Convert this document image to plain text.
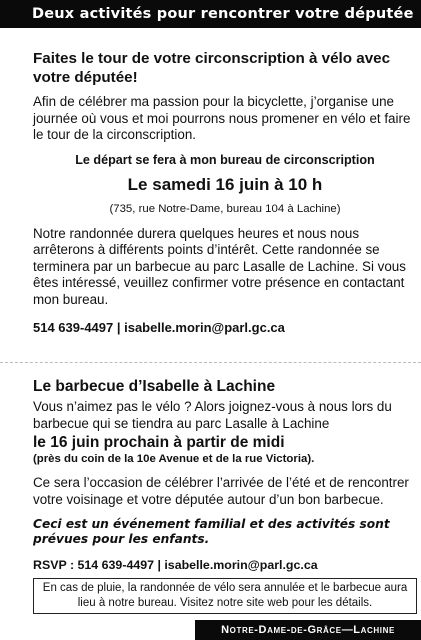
Deux activités pour rencontrer votre députée
Faites le tour de votre circonscription à vélo avec votre députée!

Afin de célébrer ma passion pour la bicyclette, j’organise une journée où vous et moi pourrons nous promener en vélo et faire le tour de la circonscription.

Le départ se fera à mon bureau de circonscription
Le samedi 16 juin à 10 h
(735, rue Notre-Dame, bureau 104 à Lachine)

Notre randonnée durera quelques heures et nous nous arrêterons à différents points d’intérêt. Cette randonnée se terminera par un barbecue au parc Lasalle de Lachine. Si vous êtes intéressé, veuillez confirmer votre présence en contactant mon bureau.

514 639-4497 | isabelle.morin@parl.gc.ca
Le barbecue d’Isabelle à Lachine

Vous n’aimez pas le vélo ? Alors joignez-vous à nous lors du barbecue qui se tiendra au parc Lasalle à Lachine

le 16 juin prochain à partir de midi
(près du coin de la 10e Avenue et de la rue Victoria).

Ce sera l’occasion de célébrer l’arrivée de l’été et de rencontrer votre voisinage et votre députée autour d’un bon barbecue.

Ceci est un événement familial et des activités sont prévues pour les enfants.
RSVP : 514 639-4497 | isabelle.morin@parl.gc.ca
En cas de pluie, la randonnée de vélo sera annulée et le barbecue aura lieu à notre bureau. Visitez notre site web pour les détails.
Notre-Dame-de-Grâce—Lachine
